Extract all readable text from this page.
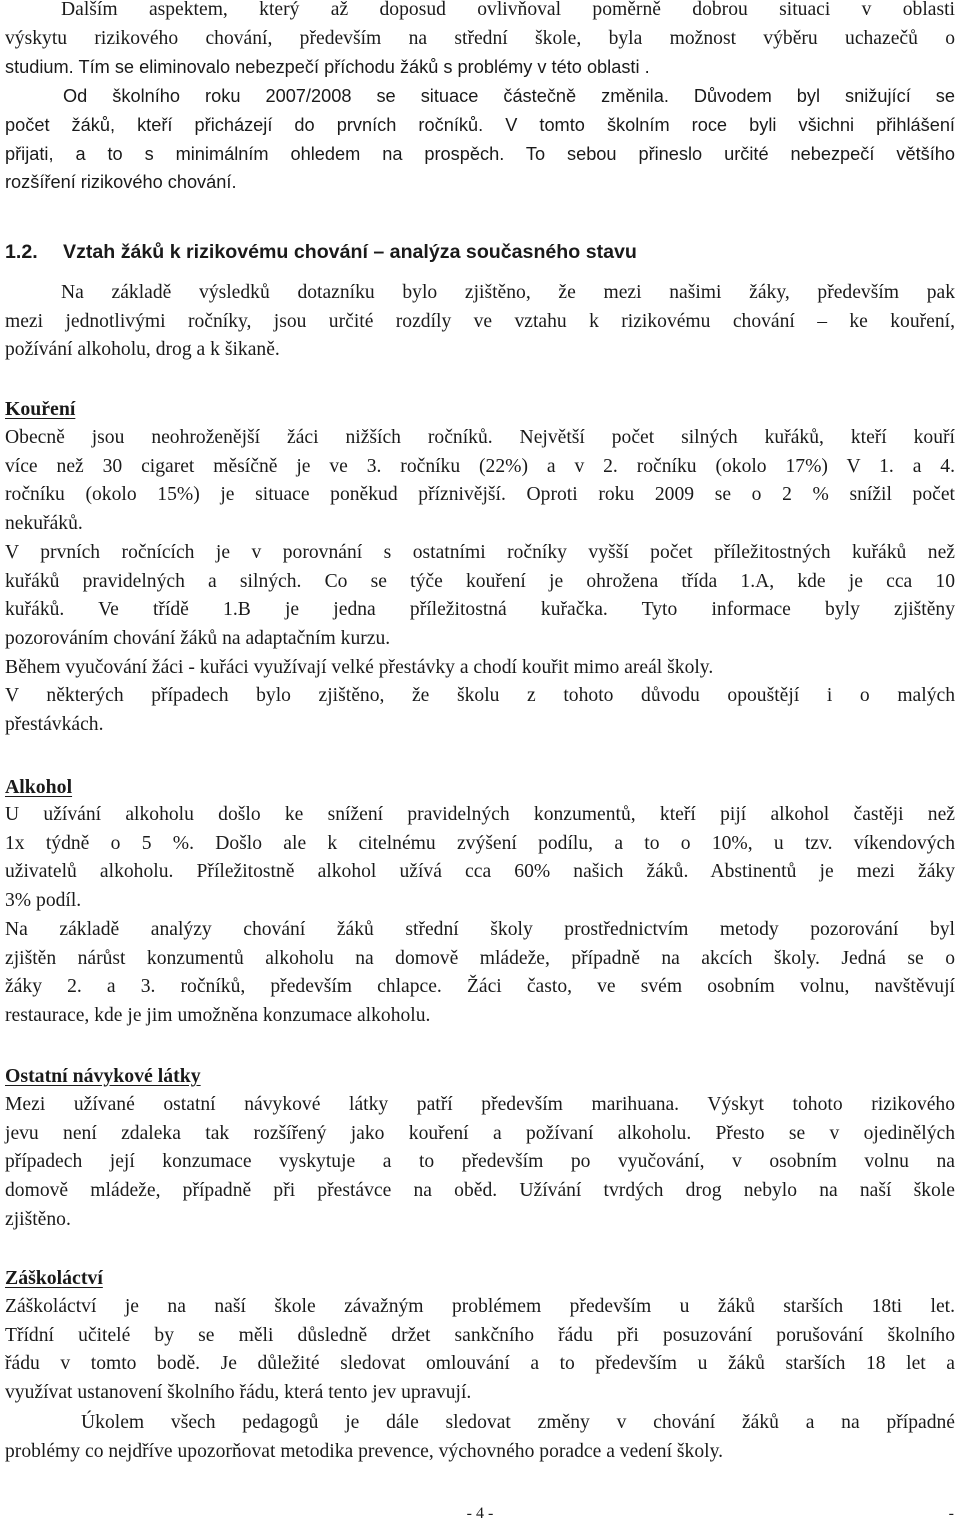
Dalším aspektem, který až doposud ovlivňoval poměrně dobrou situaci v oblasti
výskytu rizikového chování, především na střední škole, byla možnost výběru uchazečů o
studium. Tím se eliminovalo nebezpečí příchodu žáků s problémy v této oblasti .
Od školního roku 2007/2008 se situace částečně změnila. Důvodem byl snižující se
počet žáků, kteří přicházejí do prvních ročníků. V tomto školním roce byli všichni přihlášení
přijati, a to s minimálním ohledem na prospěch. To sebou přineslo určité nebezpečí většího
rozšíření rizikového chování.
1.2. Vztah žáků k rizikovému chování – analýza současného stavu
Na základě výsledků dotazníku bylo zjištěno, že mezi našimi žáky, především pak
mezi jednotlivými ročníky, jsou určité rozdíly ve vztahu k rizikovému chování – ke kouření,
požívání alkoholu, drog a k šikaně.
Kouření
Obecně jsou neohroženější žáci nižších ročníků. Největší počet silných kuřáků, kteří kouří
více než 30 cigaret měsíčně je ve 3. ročníku (22%) a v 2. ročníku (okolo 17%) V 1. a 4.
ročníku (okolo 15%) je situace poněkud příznivější. Oproti roku 2009 se o 2 % snížil počet
nekuřáků.
V prvních ročnících je v porovnání s ostatními ročníky vyšší počet příležitostných kuřáků než
kuřáků pravidelných a silných. Co se týče kouření je ohrožena třída 1.A, kde je cca 10
kuřáků. Ve třídě 1.B je jedna příležitostná kuřačka. Tyto informace byly zjištěny
pozorováním chování žáků na adaptačním kurzu.
Během vyučování žáci - kuřáci využívají velké přestávky a chodí kouřit mimo areál školy.
V některých případech bylo zjištěno, že školu z tohoto důvodu opouštějí i o malých
přestávkách.
Alkohol
U užívání alkoholu došlo ke snížení pravidelných konzumentů, kteří pijí alkohol častěji než
1x týdně o 5 %. Došlo ale k citelnému zvýšení podílu, a to o 10%, u tzv. víkendových
uživatelů alkoholu. Příležitostně alkohol užívá cca 60% našich žáků. Abstinentů je mezi žáky
3% podíl.
Na základě analýzy chování žáků střední školy prostřednictvím metody pozorování byl
zjištěn nárůst konzumentů alkoholu na domově mládeže, případně na akcích školy. Jedná se o
žáky 2. a 3. ročníků, především chlapce. Žáci často, ve svém osobním volnu, navštěvují
restaurace, kde je jim umožněna konzumace alkoholu.
Ostatní návykové látky
Mezi užívané ostatní návykové látky patří především marihuana. Výskyt tohoto rizikového
jevu není zdaleka tak rozšířený jako kouření a požívaní alkoholu. Přesto se v ojedinělých
případech její konzumace vyskytuje a to především po vyučování, v osobním volnu na
domově mládeže, případně při přestávce na oběd. Užívání tvrdých drog nebylo na naší škole
zjištěno.
Záškoláctví
Záškoláctví je na naší škole závažným problémem především u žáků starších 18ti let.
Třídní učitelé by se měli důsledně držet sankčního řádu při posuzování porušování školního
řádu v tomto bodě. Je důležité sledovat omlouvání a to především u žáků starších 18 let a
využívat ustanovení školního řádu, která tento jev upravují.
Úkolem všech pedagogů je dále sledovat změny v chování žáků a na případné
problémy co nejdříve upozorňovat metodika prevence, výchovného poradce a vedení školy.
- 4 -	-
